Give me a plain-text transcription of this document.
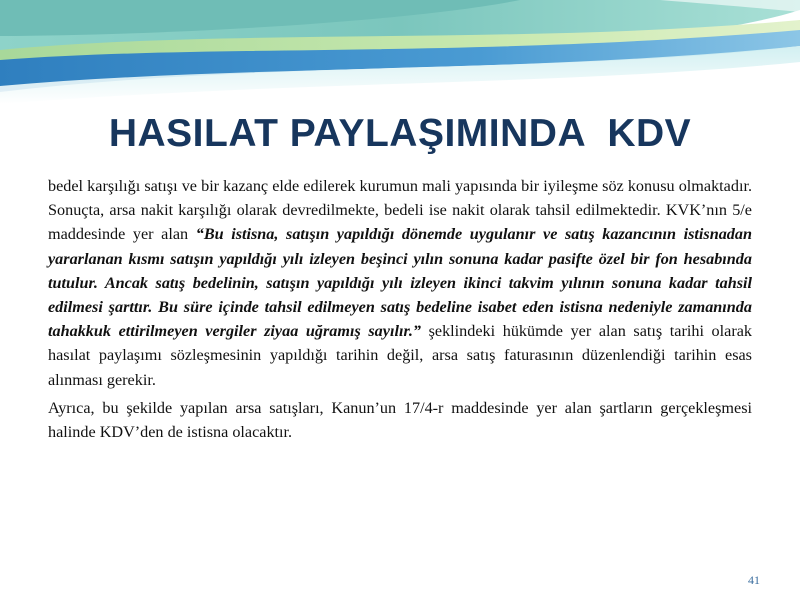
HASILAT PAYLAŞIMINDA  KDV

bedel karşılığı satışı ve bir kazanç elde edilerek kurumun mali yapısında bir iyileşme söz konusu olmaktadır. Sonuçta, arsa nakit karşılığı olarak devredilmekte, bedeli ise nakit olarak tahsil edilmektedir. KVK’nın 5/e maddesinde yer alan “Bu istisna, satışın yapıldığı dönemde uygulanır ve satış kazancının istisnadan yararlanan kısmı satışın yapıldığı yılı izleyen beşinci yılın sonuna kadar pasifte özel bir fon hesabında tutulur. Ancak satış bedelinin, satışın yapıldığı yılı izleyen ikinci takvim yılının sonuna kadar tahsil edilmesi şarttır. Bu süre içinde tahsil edilmeyen satış bedeline isabet eden istisna nedeniyle zamanında tahakkuk ettirilmeyen vergiler ziyaa uğramış sayılır.” şeklindeki hükümde yer alan satış tarihi olarak hasılat paylaşımı sözleşmesinin yapıldığı tarihin değil, arsa satış faturasının düzenlendiği tarihin esas alınması gerekir.

Ayrıca, bu şekilde yapılan arsa satışları, Kanun’un 17/4-r maddesinde yer alan şartların gerçekleşmesi halinde KDV’den de istisna olacaktır.

41
